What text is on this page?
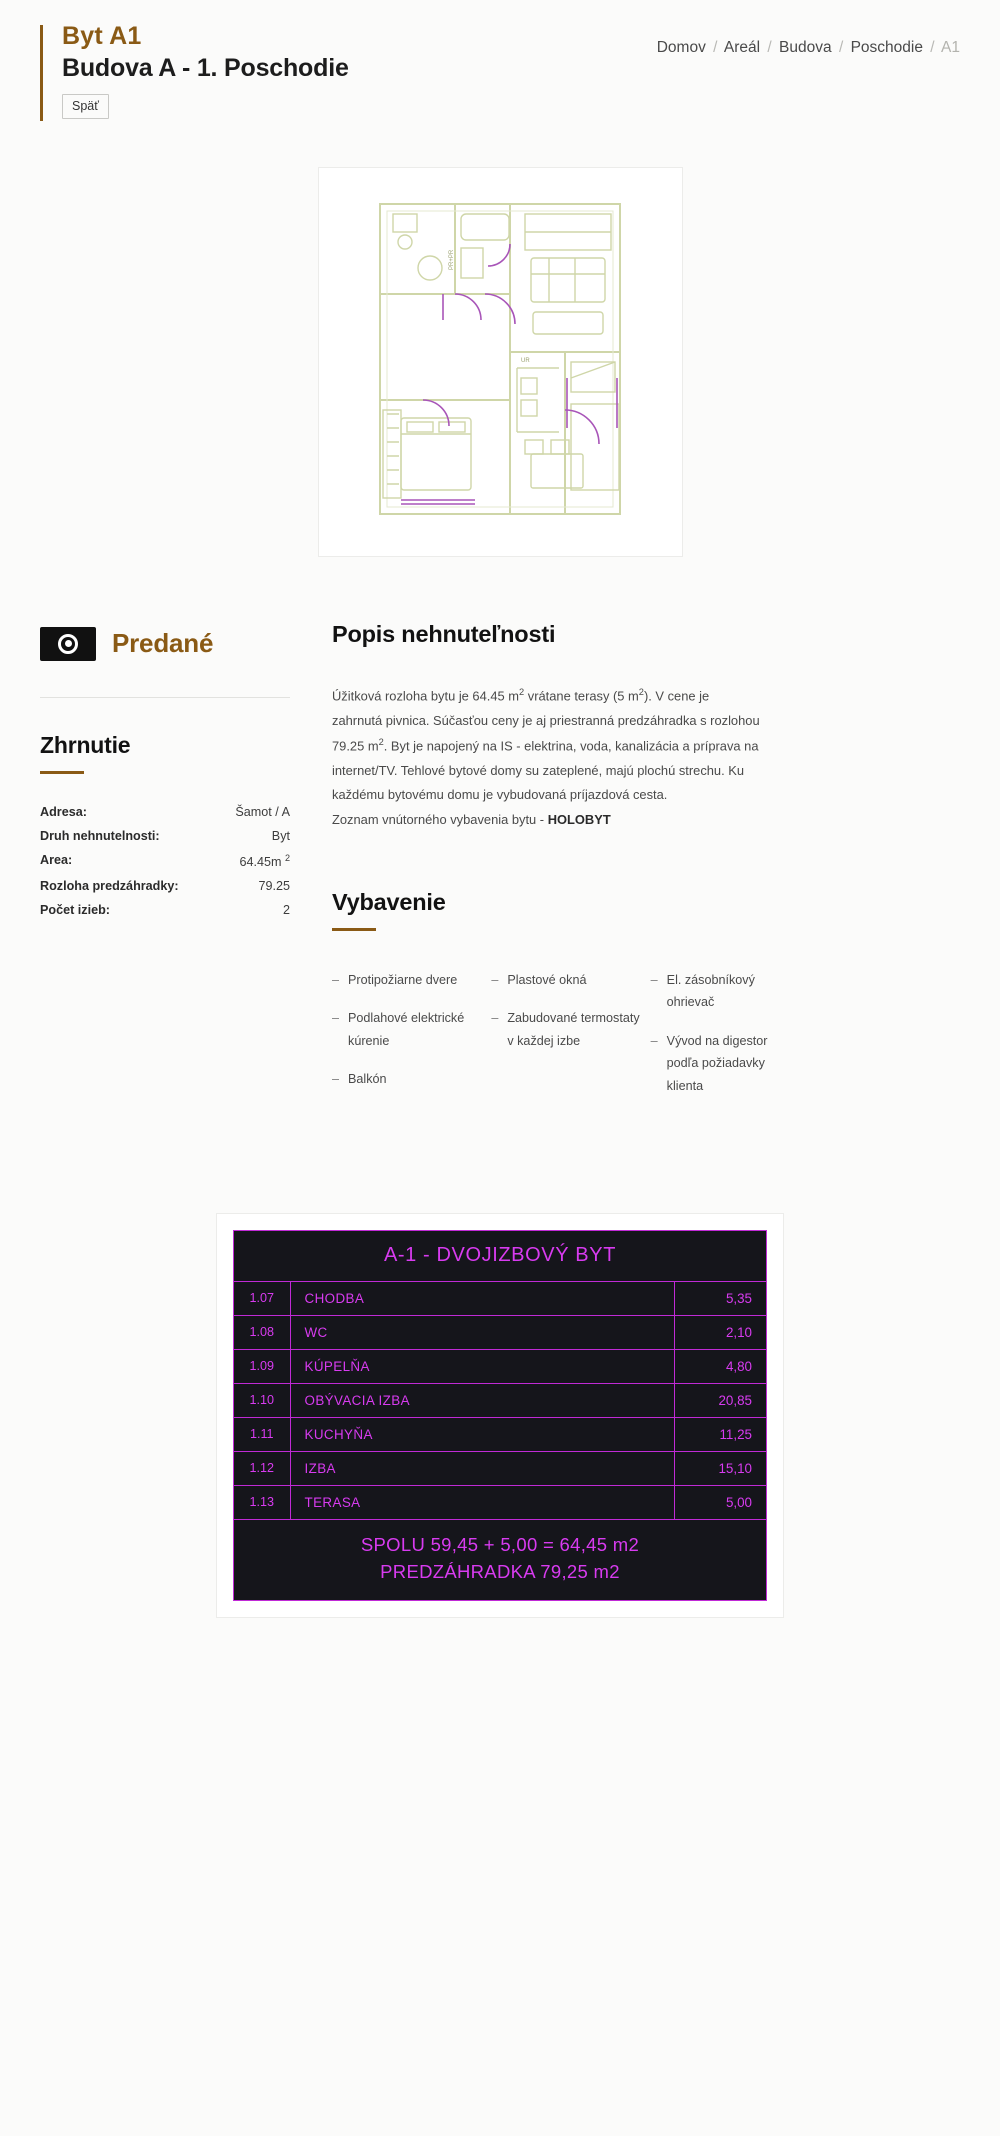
Byt A1
Budova A - 1. Poschodie
Späť
Domov / Areál / Budova / Poschodie / A1
PR+PR
UR
Predané
Zhrnutie
Adresa:	Šamot / A
Druh nehnutelnosti:	Byt
Area:	64.45m $^2$
Rozloha predzáhradky:	79.25
Počet izieb:	2
Popis nehnuteľnosti
Úžitková rozloha bytu je 64.45 $m^2$ vrátane terasy (5 $m^2$). V cene je zahrnutá pivnica. Súčasťou ceny je aj priestranná predzáhradka s rozlohou 79.25 $m^2$. Byt je napojený na IS - elektrina, voda, kanalizácia a príprava na internet/TV. Tehlové bytové domy su zateplené, majú plochú strechu. Ku každému bytovému domu je vybudovaná príjazdová cesta.
Zoznam vnútorného vybavenia bytu - HOLOBYT
Vybavenie
– Protipožiarne dvere
– Podlahové elektrické kúrenie
– Balkón
– Plastové okná
– Zabudované termostaty v každej izbe
– El. zásobníkový ohrievač
– Vývod na digestor podľa požiadavky klienta
A-1 - DVOJIZBOVÝ BYT
1.07	CHODBA	5,35
1.08	WC	2,10
1.09	KÚPELŇA	4,80
1.10	OBÝVACIA IZBA	20,85
1.11	KUCHYŇA	11,25
1.12	IZBA	15,10
1.13	TERASA	5,00
SPOLU 59,45 + 5,00 = 64,45 m2
PREDZÁHRADKA 79,25 m2
